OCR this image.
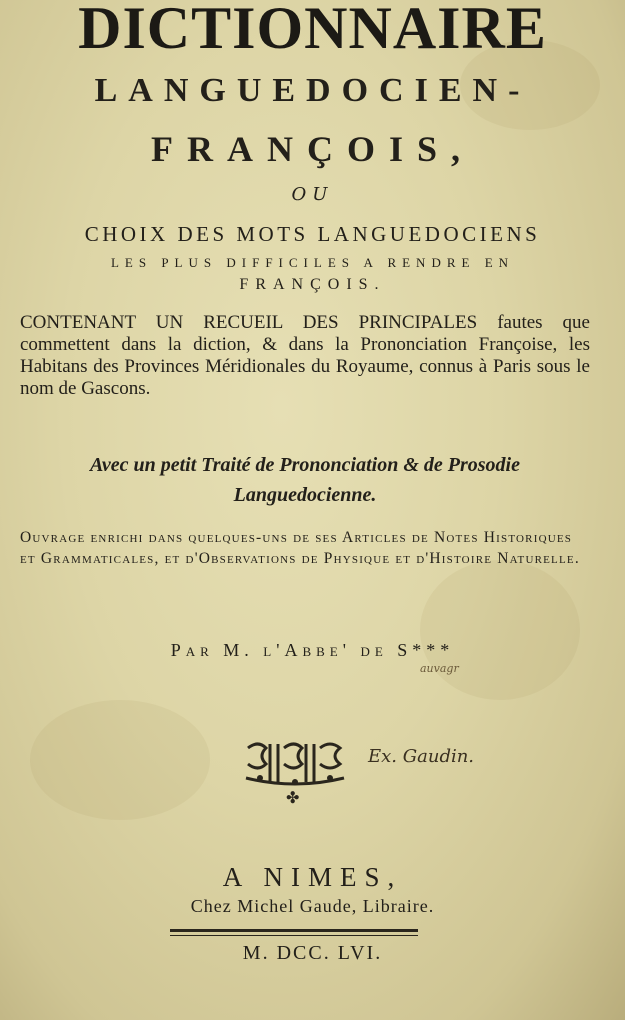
DICTIONNAIRE
LANGUEDOCIEN-
FRANÇOIS,
OU
CHOIX DES MOTS LANGUEDOCIENS
LES PLUS DIFFICILES A RENDRE EN
FRANÇOIS.
CONTENANT UN RECUEIL DES PRINCIPALES fautes que commettent dans la diction, & dans la Prononciation Françoise, les Habitans des Provinces Méridionales du Royaume, connus à Paris sous le nom de Gascons.
Avec un petit Traité de Prononciation & de Prosodie Languedocienne.
Ouvrage enrichi dans quelques-uns de ses Articles de Notes Historiques et Grammaticales, et d'Observations de Physique et d'Histoire Naturelle.
Par M. l'Abbe' de S***
auvagr
✤
Ex. Gaudin.
A NIMES,
Chez Michel Gaude, Libraire.
M. DCC. LVI.
